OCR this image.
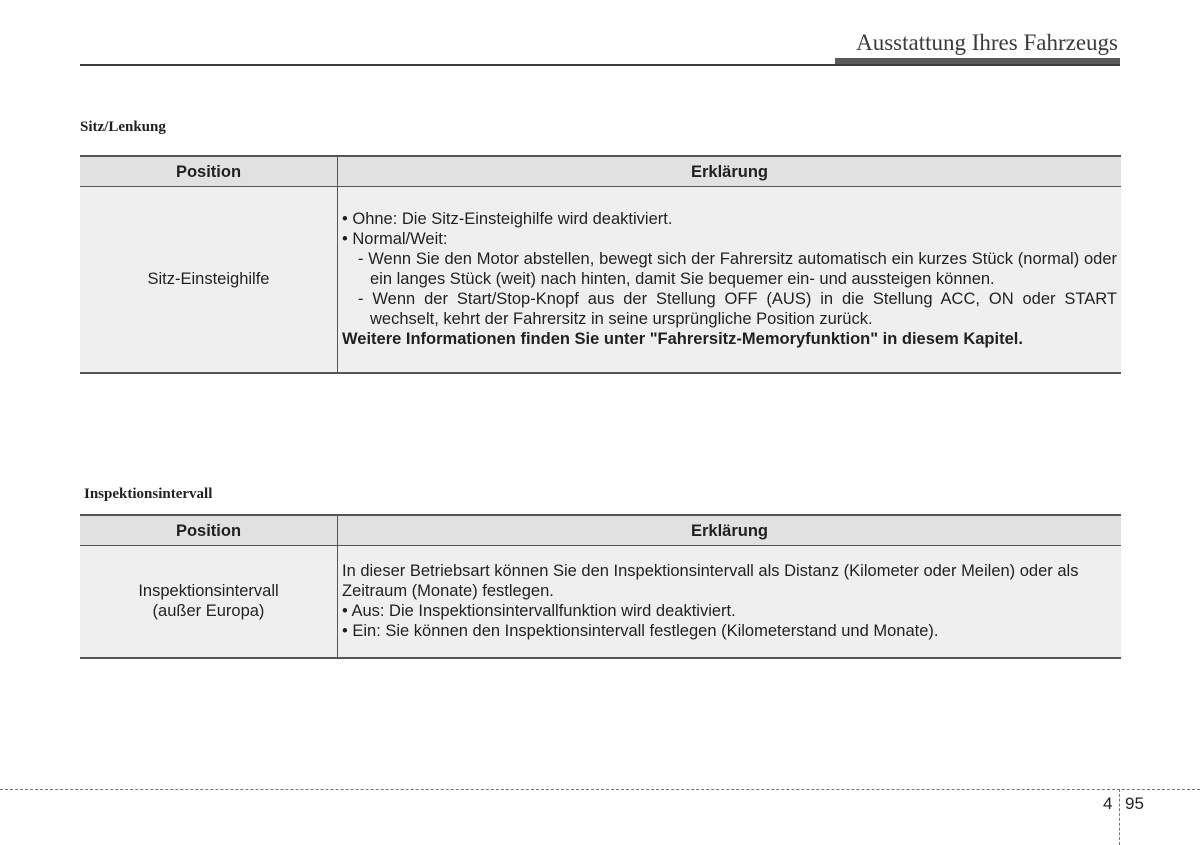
Ausstattung Ihres Fahrzeugs
Sitz/Lenkung
Position	Erklärung
Sitz-Einsteighilfe	• Ohne: Die Sitz-Einsteighilfe wird deaktiviert.
• Normal/Weit:
- Wenn Sie den Motor abstellen, bewegt sich der Fahrersitz automatisch ein kurzes Stück (normal) oder ein langes Stück (weit) nach hinten, damit Sie bequemer ein- und aussteigen können.
- Wenn der Start/Stop-Knopf aus der Stellung OFF (AUS) in die Stellung ACC, ON oder START wechselt, kehrt der Fahrersitz in seine ursprüngliche Position zurück.
Weitere Informationen finden Sie unter "Fahrersitz-Memoryfunktion" in diesem Kapitel.
Inspektionsintervall
Position	Erklärung

Inspektionsintervall
(außer Europa)	In dieser Betriebsart können Sie den Inspektionsintervall als Distanz (Kilometer oder Meilen) oder als Zeitraum (Monate) festlegen.
• Aus: Die Inspektionsintervallfunktion wird deaktiviert.
• Ein: Sie können den Inspektionsintervall festlegen (Kilometerstand und Monate).
4 95
